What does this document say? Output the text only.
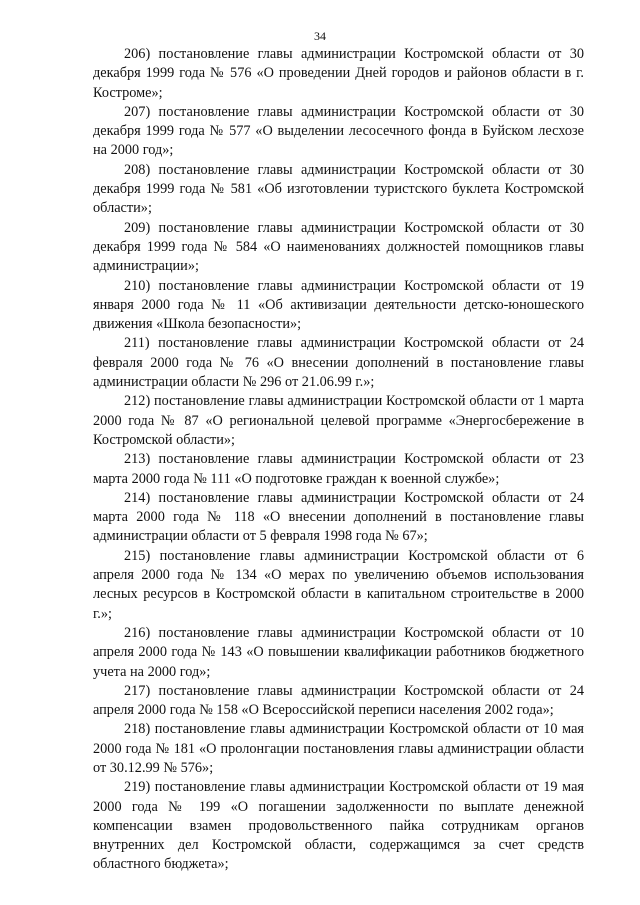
34

206) постановление главы администрации Костромской области от 30 декабря 1999 года № 576 «О проведении Дней городов и районов области в г. Костроме»;

207) постановление главы администрации Костромской области от 30 декабря 1999 года № 577 «О выделении лесосечного фонда в Буйском лесхозе на 2000 год»;

208) постановление главы администрации Костромской области от 30 декабря 1999 года № 581 «Об изготовлении туристского буклета Костромской области»;

209) постановление главы администрации Костромской области от 30 декабря 1999 года № 584 «О наименованиях должностей помощников главы администрации»;

210) постановление главы администрации Костромской области от 19 января 2000 года № 11 «Об активизации деятельности детско-юношеского движения «Школа безопасности»;

211) постановление главы администрации Костромской области от 24 февраля 2000 года № 76 «О внесении дополнений в постановление главы администрации области № 296 от 21.06.99 г.»;

212) постановление главы администрации Костромской области от 1 марта 2000 года № 87 «О региональной целевой программе «Энергосбережение в Костромской области»;

213) постановление главы администрации Костромской области от 23 марта 2000 года № 111 «О подготовке граждан к военной службе»;

214) постановление главы администрации Костромской области от 24 марта 2000 года № 118 «О внесении дополнений в постановление главы администрации области от 5 февраля 1998 года № 67»;

215) постановление главы администрации Костромской области от 6 апреля 2000 года № 134 «О мерах по увеличению объемов использования лесных ресурсов в Костромской области в капитальном строительстве в 2000 г.»;

216) постановление главы администрации Костромской области от 10 апреля 2000 года № 143 «О повышении квалификации работников бюджетного учета на 2000 год»;

217) постановление главы администрации Костромской области от 24 апреля 2000 года № 158 «О Всероссийской переписи населения 2002 года»;

218) постановление главы администрации Костромской области от 10 мая 2000 года № 181 «О пролонгации постановления главы администрации области от 30.12.99 № 576»;

219) постановление главы администрации Костромской области от 19 мая 2000 года № 199 «О погашении задолженности по выплате денежной компенсации взамен продовольственного пайка сотрудникам органов внутренних дел Костромской области, содержащимся за счет средств областного бюджета»;
